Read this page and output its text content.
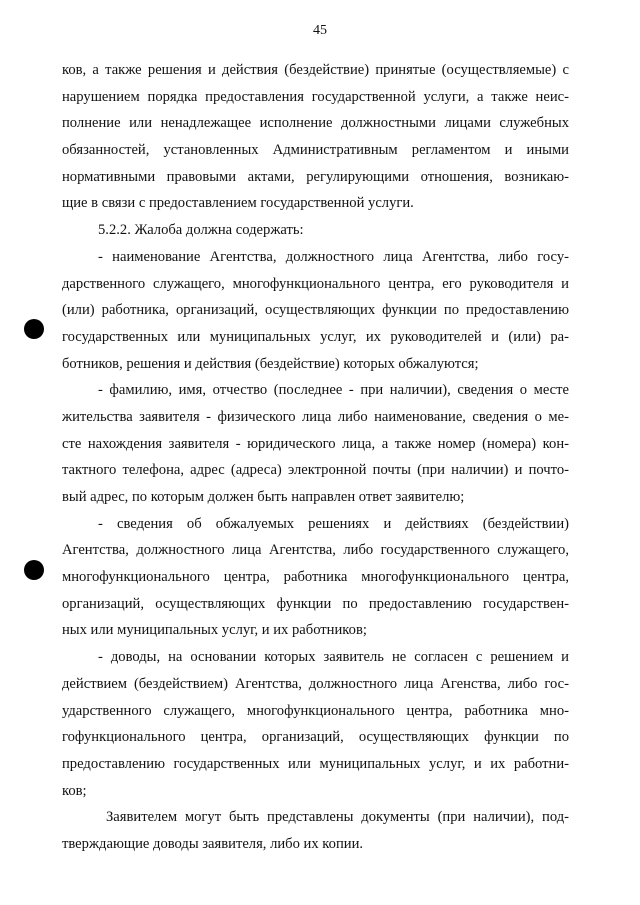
45
ков, а также решения и действия (бездействие) принятые (осуществляемые) с
нарушением порядка предоставления государственной услуги, а также неис-
полнение или ненадлежащее исполнение должностными лицами служебных
обязанностей, установленных Административным регламентом и иными
нормативными правовыми актами, регулирующими отношения, возникаю-
щие в связи с предоставлением государственной услуги.
5.2.2. Жалоба должна содержать:
- наименование Агентства, должностного лица Агентства, либо госу-
дарственного служащего, многофункционального центра, его руководителя и
(или) работника, организаций, осуществляющих функции по предоставлению
государственных или муниципальных услуг, их руководителей и (или) ра-
ботников, решения и действия (бездействие) которых обжалуются;
- фамилию, имя, отчество (последнее - при наличии), сведения о месте
жительства заявителя - физического лица либо наименование, сведения о ме-
сте нахождения заявителя - юридического лица, а также номер (номера) кон-
тактного телефона, адрес (адреса) электронной почты (при наличии) и почто-
вый адрес, по которым должен быть направлен ответ заявителю;
- сведения об обжалуемых решениях и действиях (бездействии)
Агентства, должностного лица Агентства, либо государственного служащего,
многофункционального центра, работника многофункционального центра,
организаций, осуществляющих функции по предоставлению государствен-
ных или муниципальных услуг, и их работников;
- доводы, на основании которых заявитель не согласен с решением и
действием (бездействием) Агентства, должностного лица Агенства, либо гос-
ударственного служащего, многофункционального центра, работника мно-
гофункционального центра, организаций, осуществляющих функции по
предоставлению государственных или муниципальных услуг, и их работни-
ков;
Заявителем могут быть представлены документы (при наличии), под-
тверждающие доводы заявителя, либо их копии.
